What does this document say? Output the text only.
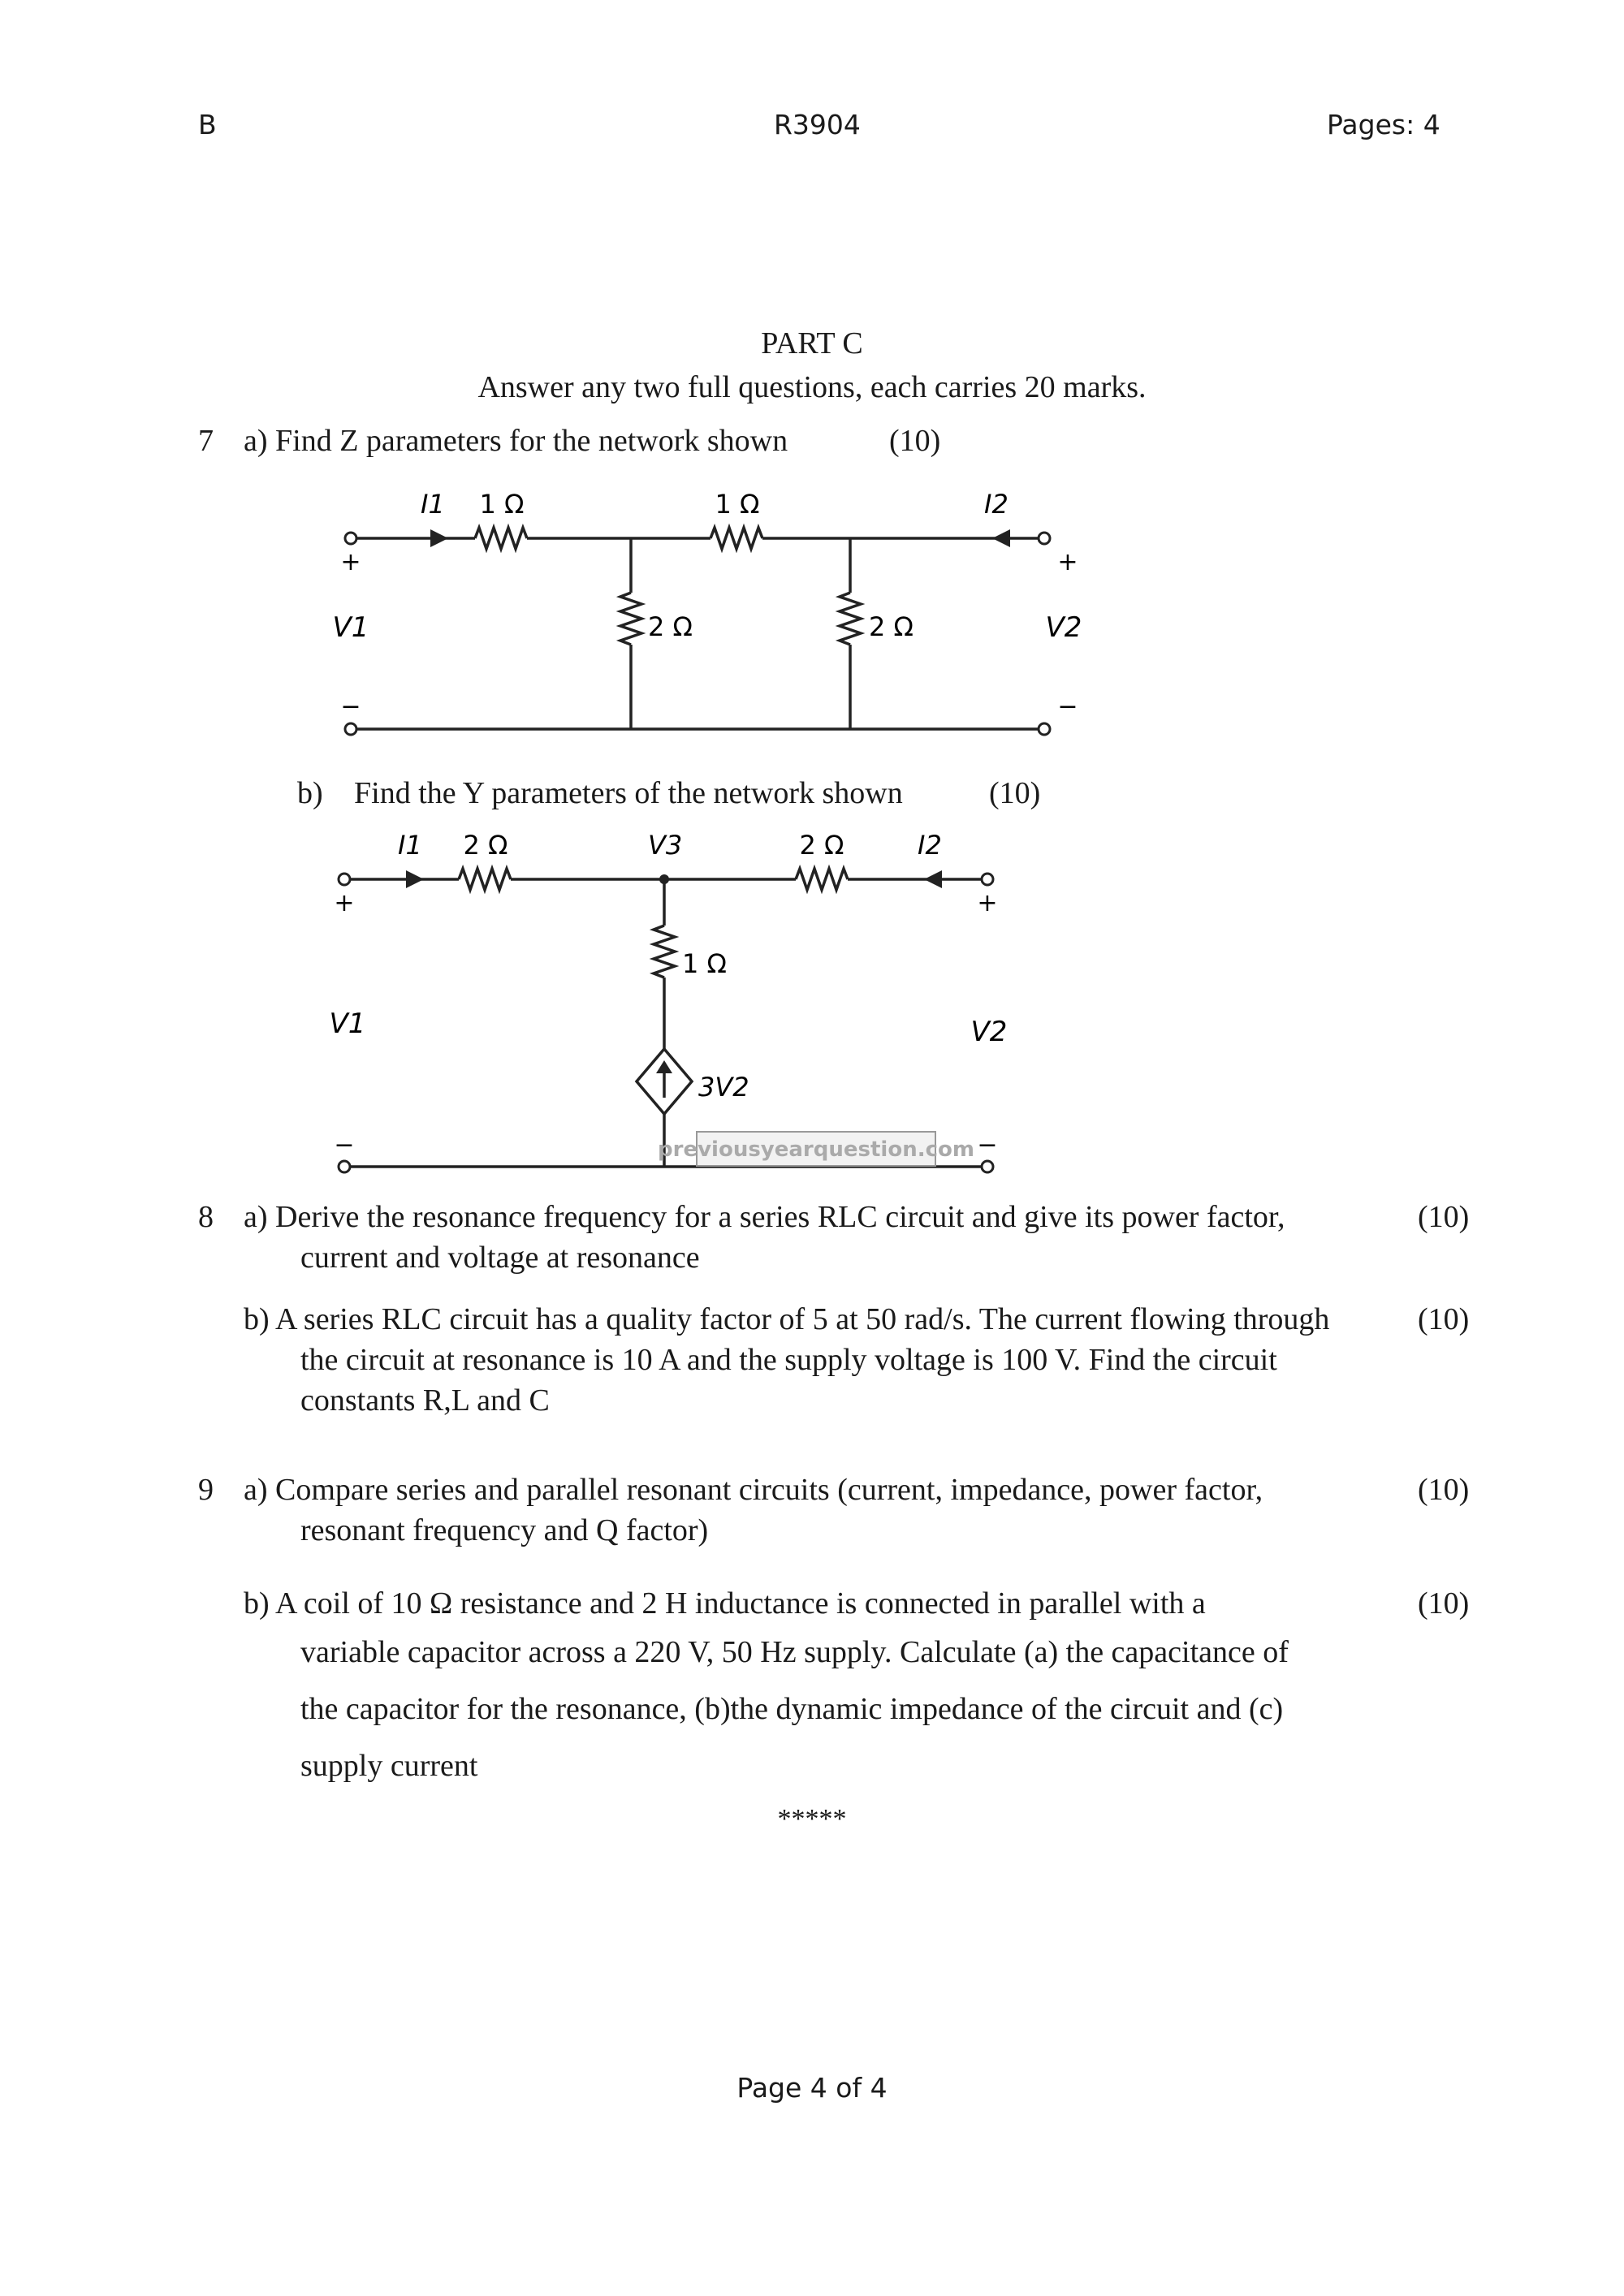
B	R3904	Pages: 4
PART C
Answer any two full questions, each carries 20 marks.
7 a) Find Z parameters for the network shown	(10)
I1	I2
1 Ω	1 Ω
2 Ω	2 Ω
V1	V2
+	+
−	−
b) Find the Y parameters of the network shown	(10)
I1	I2
V3
2 Ω	2 Ω
1 Ω
3V2
V1	V2
+	+
−	−
previousyearquestion.com
8 a) Derive the resonance frequency for a series RLC circuit and give its power factor,	(10)
current and voltage at resonance
b) A series RLC circuit has a quality factor of 5 at 50 rad/s. The current flowing through	(10)
the circuit at resonance is 10 A and the supply voltage is 100 V. Find the circuit
constants R,L and C
9 a) Compare series and parallel resonant circuits (current, impedance, power factor,	(10)
resonant frequency and Q factor)
b) A coil of 10 Ω resistance and 2 H inductance is connected in parallel with a	(10)
variable capacitor across a 220 V, 50 Hz supply. Calculate (a) the capacitance of
the capacitor for the resonance, (b)the dynamic impedance of the circuit and (c)
supply current
*****
Page 4 of 4
